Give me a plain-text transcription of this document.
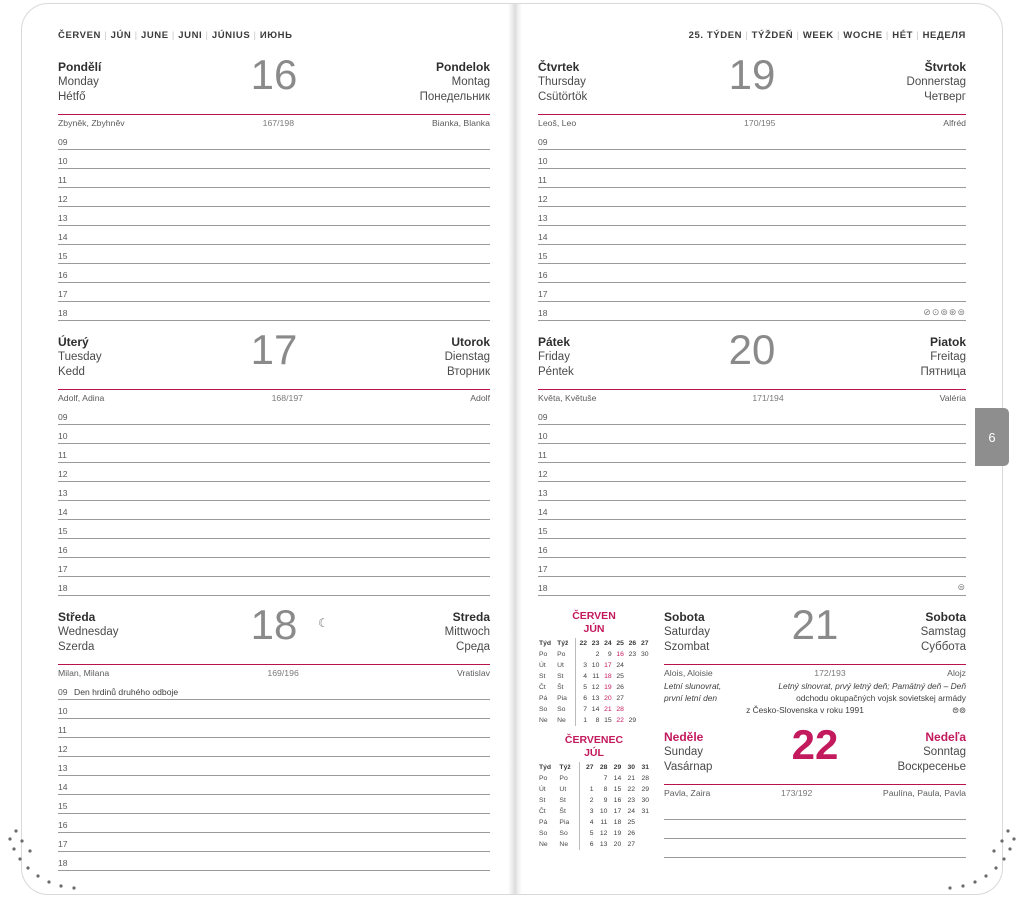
6
ČERVEN | JÚN | JUNE | JUNI | JÚNIUS | ИЮНЬ
Pondělí
Monday
Hétfő	16	Pondelok
Montag
Понедельник
Zbyněk, Zbyhněv	167/198	Bianka, Blanka
09
10
11
12
13
14
15
16
17
18
Úterý
Tuesday
Kedd	17	Utorok
Dienstag
Вторник
Adolf, Adina	168/197	Adolf
09
10
11
12
13
14
15
16
17
18
Středa
Wednesday
Szerda	18 ☾	Streda
Mittwoch
Среда
Milan, Milana	169/196	Vratislav
09 Den hrdinů druhého odboje
10
11
12
13
14
15
16
17
18
25. TÝDEN | TÝŽDEŇ | WEEK | WOCHE | HÉT | НЕДЕЛЯ
Čtvrtek
Thursday
Csütörtök	19	Štvrtok
Donnerstag
Четверг
Leoš, Leo	170/195	Alfréd
09
10
11
12
13
14
15
16
17
18	⊘⊙⊚⊛⊜
Pátek
Friday
Péntek	20	Piatok
Freitag
Пятница
Květa, Květuše	171/194	Valéria
09
10
11
12
13
14
15
16
17
18	⊜
ČERVEN
JÚN
Týd	Týž	22	23	24	25	26	27
Po	Po		2	9	16	23	30
Út	Ut	3	10	17	24		
St	St	4	11	18	25		
Čt	Št	5	12	19	26		
Pá	Pia	6	13	20	27		
So	So	7	14	21	28		
Ne	Ne	1	8	15	22	29	
ČERVENEC
JÚL
Týd	Týž	27	28	29	30	31
Po	Po		7	14	21	28
Út	Ut	1	8	15	22	29
St	St	2	9	16	23	30
Čt	Št	3	10	17	24	31
Pá	Pia	4	11	18	25	
So	So	5	12	19	26	
Ne	Ne	6	13	20	27	
Sobota
Saturday
Szombat 21	Sobota
Samstag
Суббота
Alois, Aloisie	172/193	Alojz
Letní slunovrat,	Letný slnovrat, prvý letný deň; Pamätný deň – Deň
první letní den	odchodu okupačných vojsk sovietskej armády
z Česko-Slovenska v roku 1991	⊜⊚
Neděle
Sunday
Vasárnap 22	Nedeľa
Sonntag
Воскресенье
Pavla, Zaira	173/192	Paulína, Paula, Pavla
